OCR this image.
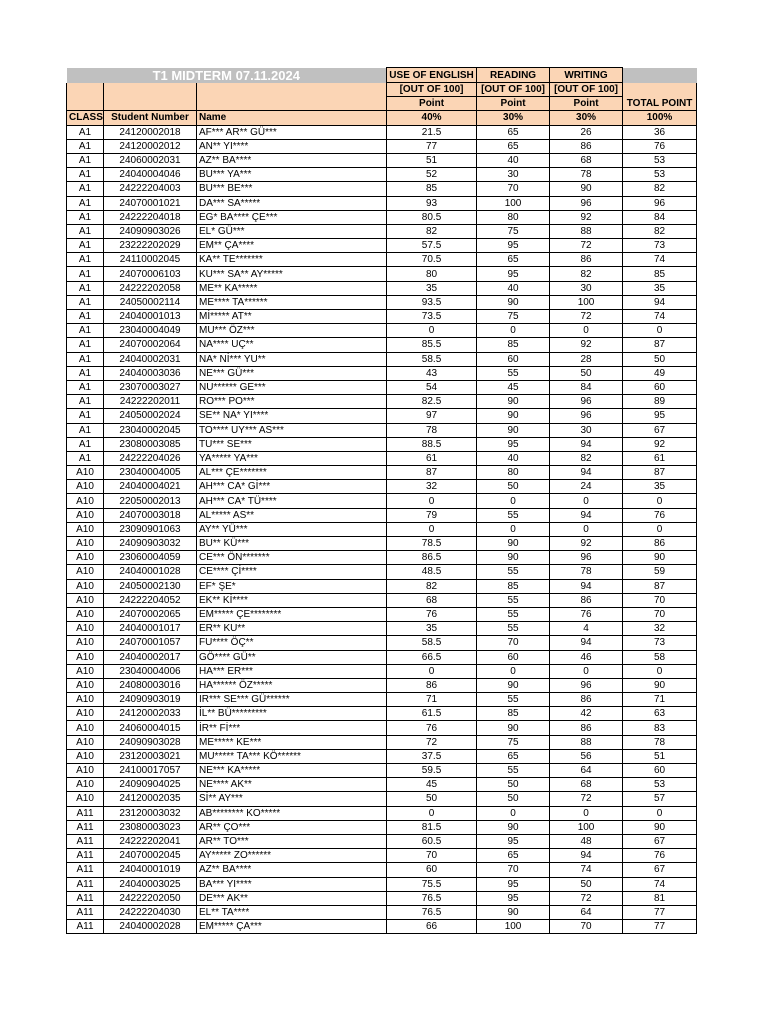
T1 MIDTERM 07.11.2024			USE OF ENGLISH	READING	WRITING	
			[OUT OF 100]	[OUT OF 100]	[OUT OF 100]	
			Point	Point	Point	TOTAL POINT
CLASS	Student Number	Name	40%	30%	30%	100%
A1	24120002018	AF*** AR** GÜ***	21.5	65	26	36
A1	24120002012	AN** YI****	77	65	86	76
A1	24060002031	AZ** BA****	51	40	68	53
A1	24040004046	BU*** YA***	52	30	78	53
A1	24222204003	BU*** BE***	85	70	90	82
A1	24070001021	DA*** SA*****	93	100	96	96
A1	24222204018	EG* BA**** ÇE***	80.5	80	92	84
A1	24090903026	EL* GÜ***	82	75	88	82
A1	23222202029	EM** ÇA****	57.5	95	72	73
A1	24110002045	KA** TE*******	70.5	65	86	74
A1	24070006103	KU*** SA** AY*****	80	95	82	85
A1	24222202058	ME** KA*****	35	40	30	35
A1	24050002114	ME**** TA******	93.5	90	100	94
A1	24040001013	Mİ***** AT**	73.5	75	72	74
A1	23040004049	MU*** ÖZ***	0	0	0	0
A1	24070002064	NA**** UÇ**	85.5	85	92	87
A1	24040002031	NA* Nİ*** YU**	58.5	60	28	50
A1	24040003036	NE*** GÜ***	43	55	50	49
A1	23070003027	NU****** GE***	54	45	84	60
A1	24222202011	RO*** PO***	82.5	90	96	89
A1	24050002024	SE** NA* YI****	97	90	96	95
A1	23040002045	TO**** UY*** AS***	78	90	30	67
A1	23080003085	TU*** SE***	88.5	95	94	92
A1	24222204026	YA***** YA***	61	40	82	61
A10	23040004005	AL*** ÇE*******	87	80	94	87
A10	24040004021	AH*** CA* Gİ***	32	50	24	35
A10	22050002013	AH*** CA* TÜ****	0	0	0	0
A10	24070003018	AL***** AS**	79	55	94	76
A10	23090901063	AY** YÜ***	0	0	0	0
A10	24090903032	BU** KÜ***	78.5	90	92	86
A10	23060004059	CE*** ÖN*******	86.5	90	96	90
A10	24040001028	CE**** Çİ****	48.5	55	78	59
A10	24050002130	EF* ŞE*	82	85	94	87
A10	24222204052	EK** Kİ****	68	55	86	70
A10	24070002065	EM***** ÇE********	76	55	76	70
A10	24040001017	ER** KU**	35	55	4	32
A10	24070001057	FU**** ÖÇ**	58.5	70	94	73
A10	24040002017	GÖ**** GÜ**	66.5	60	46	58
A10	23040004006	HA*** ER***	0	0	0	0
A10	24080003016	HA****** ÖZ*****	86	90	96	90
A10	24090903019	IR*** SE*** GÜ******	71	55	86	71
A10	24120002033	İL** BÜ*********	61.5	85	42	63
A10	24060004015	İR** Fİ***	76	90	86	83
A10	24090903028	ME***** KE***	72	75	88	78
A10	23120003021	MU***** TA*** KÖ******	37.5	65	56	51
A10	24100017057	NE*** KA*****	59.5	55	64	60
A10	24090904025	NE**** AK**	45	50	68	53
A10	24120002035	Sİ** AY***	50	50	72	57
A11	23120003032	AB******** KO*****	0	0	0	0
A11	23080003023	AR** ÇO***	81.5	90	100	90
A11	24222202041	AR** TO***	60.5	95	48	67
A11	24070002045	AY***** ZO******	70	65	94	76
A11	24040001019	AZ** BA****	60	70	74	67
A11	24040003025	BA*** YI****	75.5	95	50	74
A11	24222202050	DE*** AK**	76.5	95	72	81
A11	24222204030	EL** TA****	76.5	90	64	77
A11	24040002028	EM***** ÇA***	66	100	70	77
